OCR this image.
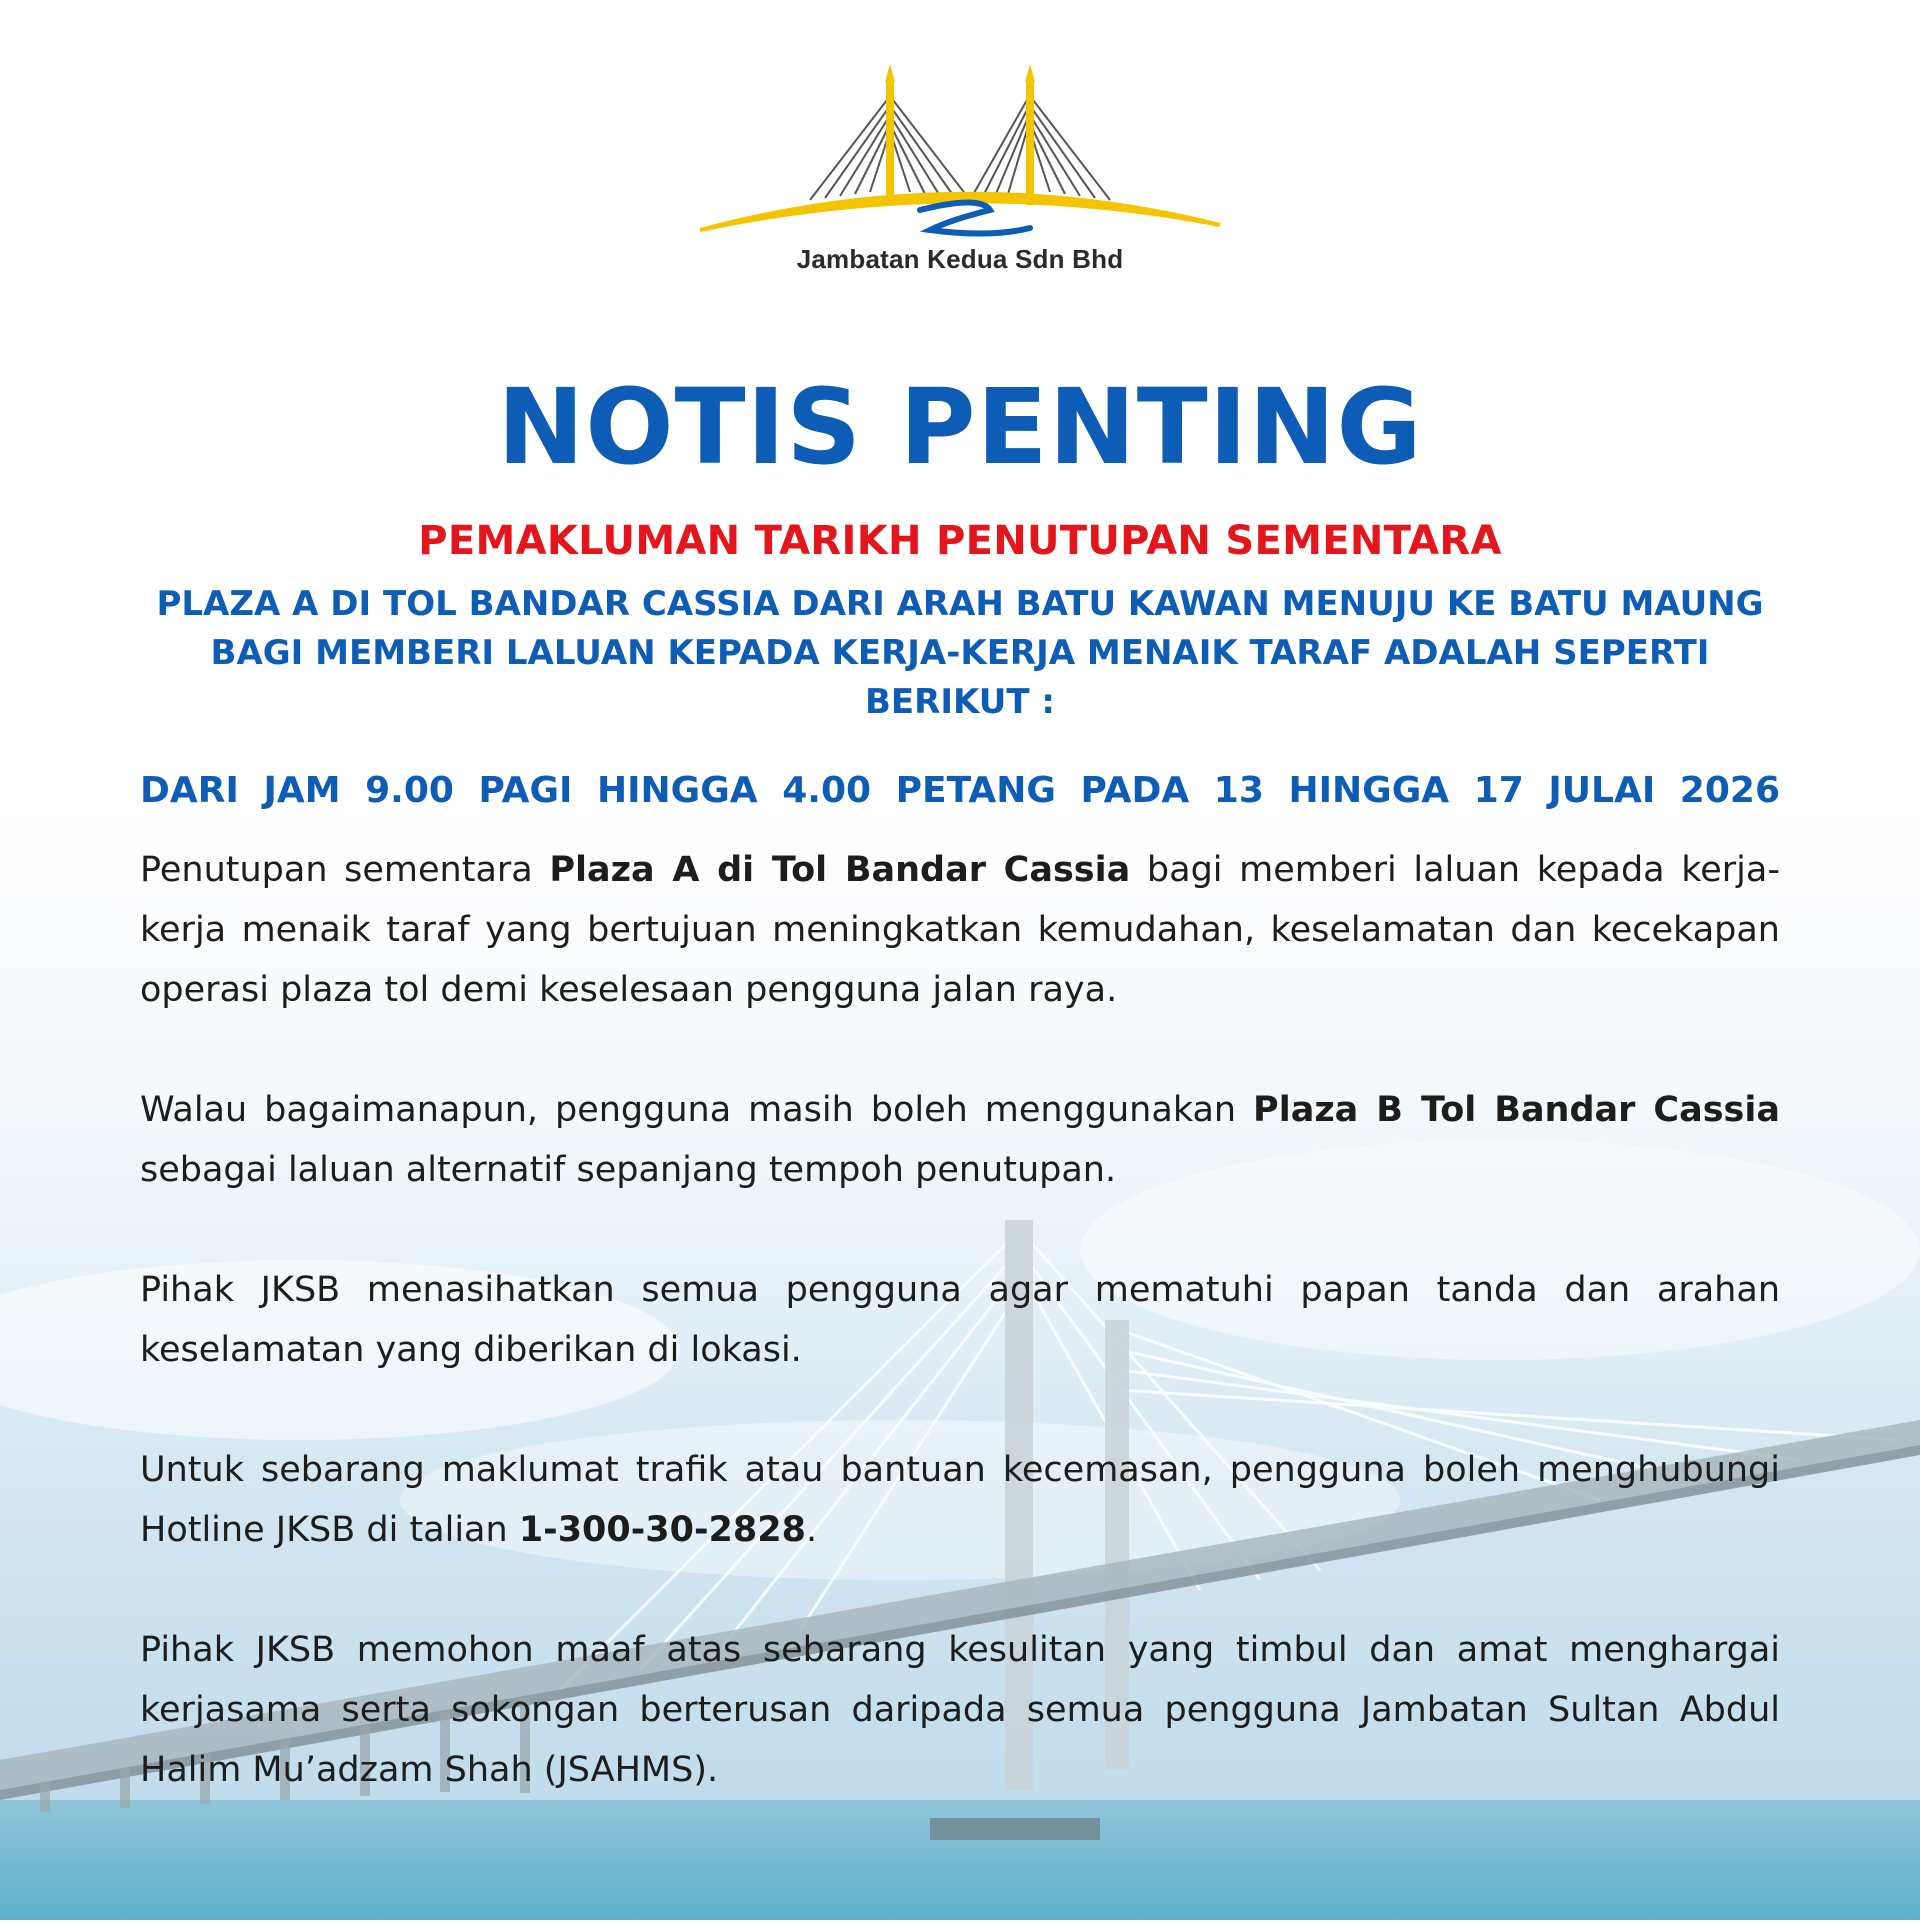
Jambatan Kedua Sdn Bhd
NOTIS PENTING

PEMAKLUMAN TARIKH PENUTUPAN SEMENTARA

PLAZA A DI TOL BANDAR CASSIA DARI ARAH BATU KAWAN MENUJU KE BATU MAUNG BAGI MEMBERI LALUAN KEPADA KERJA-KERJA MENAIK TARAF ADALAH SEPERTI BERIKUT :

DARI JAM 9.00 PAGI HINGGA 4.00 PETANG PADA 13 HINGGA 17 JULAI 2026

Penutupan sementara Plaza A di Tol Bandar Cassia bagi memberi laluan kepada kerja-kerja menaik taraf yang bertujuan meningkatkan kemudahan, keselamatan dan kecekapan operasi plaza tol demi keselesaan pengguna jalan raya.

Walau bagaimanapun, pengguna masih boleh menggunakan Plaza B Tol Bandar Cassia sebagai laluan alternatif sepanjang tempoh penutupan.

Pihak JKSB menasihatkan semua pengguna agar mematuhi papan tanda dan arahan keselamatan yang diberikan di lokasi.

Untuk sebarang maklumat trafik atau bantuan kecemasan, pengguna boleh menghubungi Hotline JKSB di talian 1-300-30-2828.

Pihak JKSB memohon maaf atas sebarang kesulitan yang timbul dan amat menghargai kerjasama serta sokongan berterusan daripada semua pengguna Jambatan Sultan Abdul Halim Mu’adzam Shah (JSAHMS).
